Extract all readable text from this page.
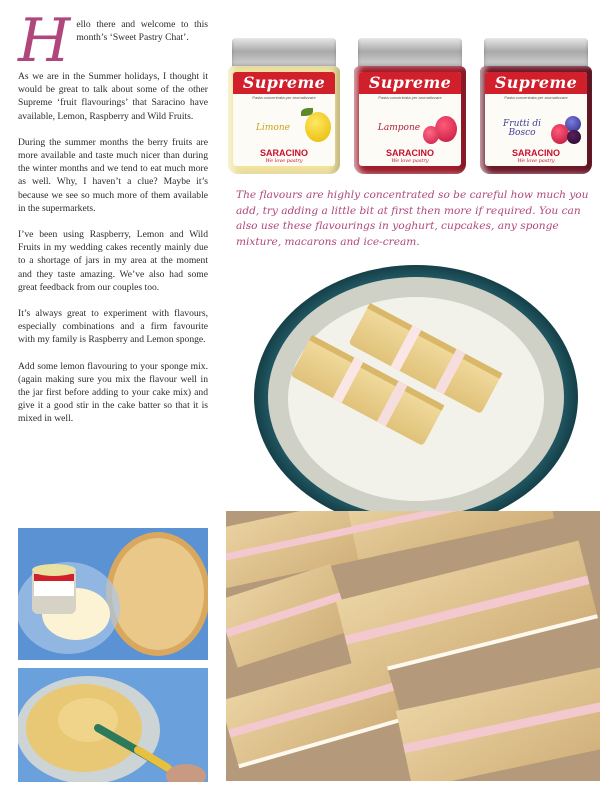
Hello there and welcome to this month’s ‘Sweet Pastry Chat’.

As we are in the Summer holidays, I thought it would be great to talk about some of the other Supreme ‘fruit flavourings’ that Saracino have available, Lemon, Raspberry and Wild Fruits.

During the summer months the berry fruits are more available and taste much nicer than during the winter months and we tend to eat much more as well. Why, I haven’t a clue? Maybe it’s because we see so much more of them available in the supermarkets.

I’ve been using Raspberry, Lemon and Wild Fruits in my wedding cakes recently mainly due to a shortage of jars in my area at the moment and they taste amazing. We’ve also had some great feedback from our couples too.

It’s always great to experiment with flavours, especially combinations and a firm favourite with my family is Raspberry and Lemon sponge.

Add some lemon flavouring to your sponge mix. (again making sure you mix the flavour well in the jar first before adding to your cake mix) and give it a good stir in the cake batter so that it is mixed in well.

Supreme
Pasta concentrata per aromatizzare
Limone
SARACINO
We love pastry
Supreme
Pasta concentrata per aromatizzare
Lampone
SARACINO
We love pastry
Supreme
Pasta concentrata per aromatizzare
Frutti di Bosco
SARACINO
We love pastry
The flavours are highly concentrated so be careful how much you add, try adding a little bit at first then more if required. You can also use these flavourings in yoghurt, cupcakes, any sponge mixture, macarons and ice-cream.
